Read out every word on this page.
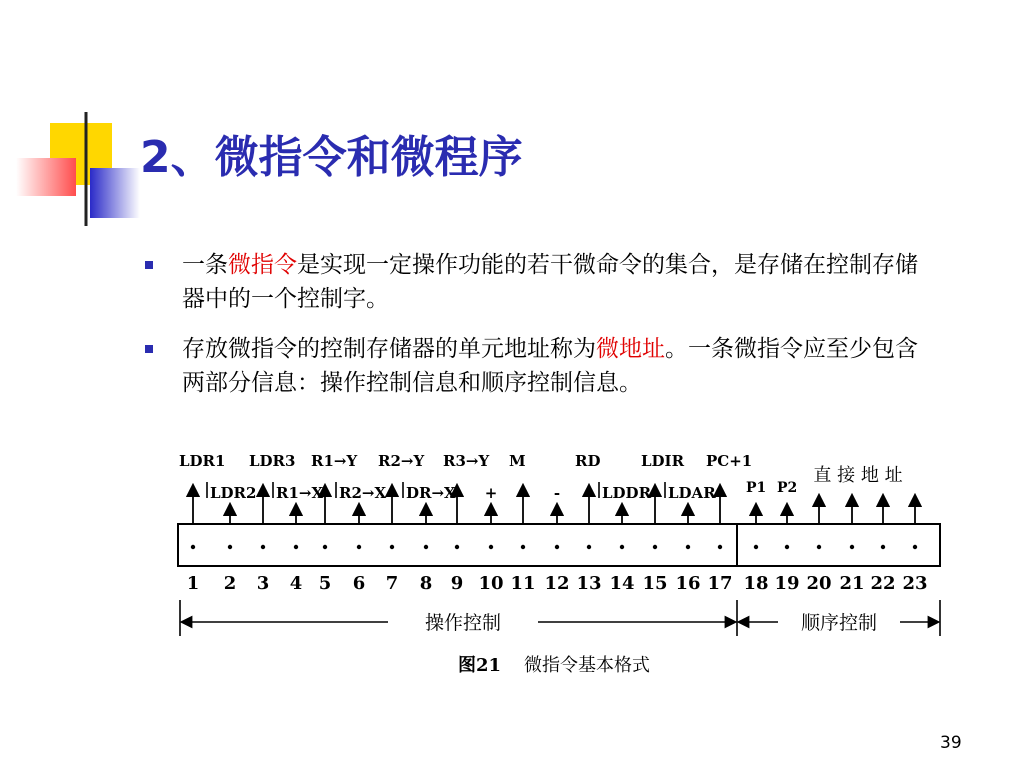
2、微指令和微程序
一条微指令是实现一定操作功能的若干微命令的集合，是存储在控制存储器中的一个控制字。
存放微指令的控制存储器的单元地址称为微地址。一条微指令应至少包含两部分信息：操作控制信息和顺序控制信息。
LDR1 LDR3 R1→Y R2→Y R3→Y M	RD	LDIR PC+1
LDR2 R1→X R2→X DR→X +	-	LDDR LDAR P1 P2
直 接 地 址
1 2 3 4 5 6 7 8 9 10 11 12 13 14 15 16 17 18 19 20 21 22 23
操作控制	顺序控制
图21 微指令基本格式
39
